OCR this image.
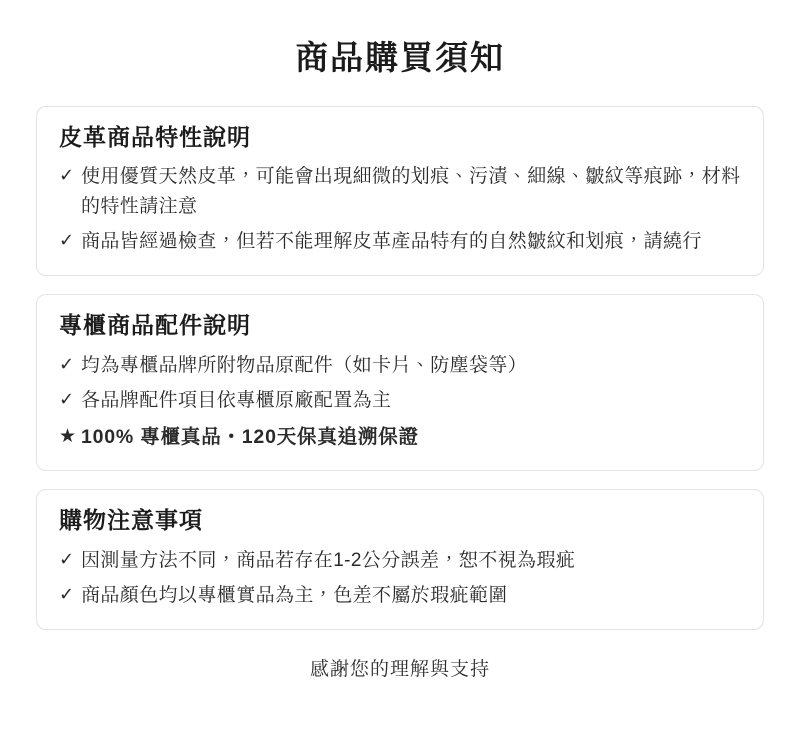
商品購買須知
皮革商品特性說明
✓ 使用優質天然皮革，可能會出現細微的划痕、污漬、細線、皺紋等痕跡，材料的特性請注意
✓ 商品皆經過檢查，但若不能理解皮革產品特有的自然皺紋和划痕，請繞行
專櫃商品配件說明
✓ 均為專櫃品牌所附物品原配件（如卡片、防塵袋等）
✓ 各品牌配件項目依專櫃原廠配置為主
★ 100% 專櫃真品・120天保真追溯保證
購物注意事項
✓ 因測量方法不同，商品若存在1-2公分誤差，恕不視為瑕疵
✓ 商品顏色均以專櫃實品為主，色差不屬於瑕疵範圍
感謝您的理解與支持
